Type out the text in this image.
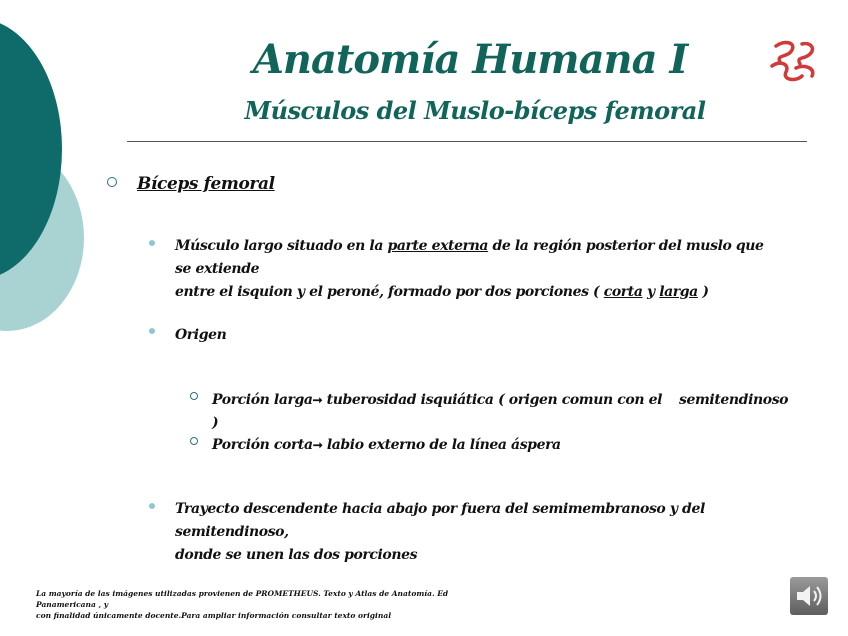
Anatomía Humana I
Músculos del Muslo-bíceps femoral

Bíceps femoral

Músculo largo situado en la parte externa de la región posterior del muslo que se extiende
entre el isquion y el peroné, formado por dos porciones ( corta y larga )

Origen

Porción larga➞ tuberosidad isquiática ( origen comun con el semitendinoso

)

Porción corta➞ labio externo de la línea áspera

Trayecto descendente hacia abajo por fuera del semimembranoso y del semitendinoso,
donde se unen las dos porciones

La mayoría de las imágenes utilizadas provienen de PROMETHEUS. Texto y Atlas de Anatomía. Ed Panamericana , y
con finalidad únicamente docente.Para ampliar información consultar texto original
